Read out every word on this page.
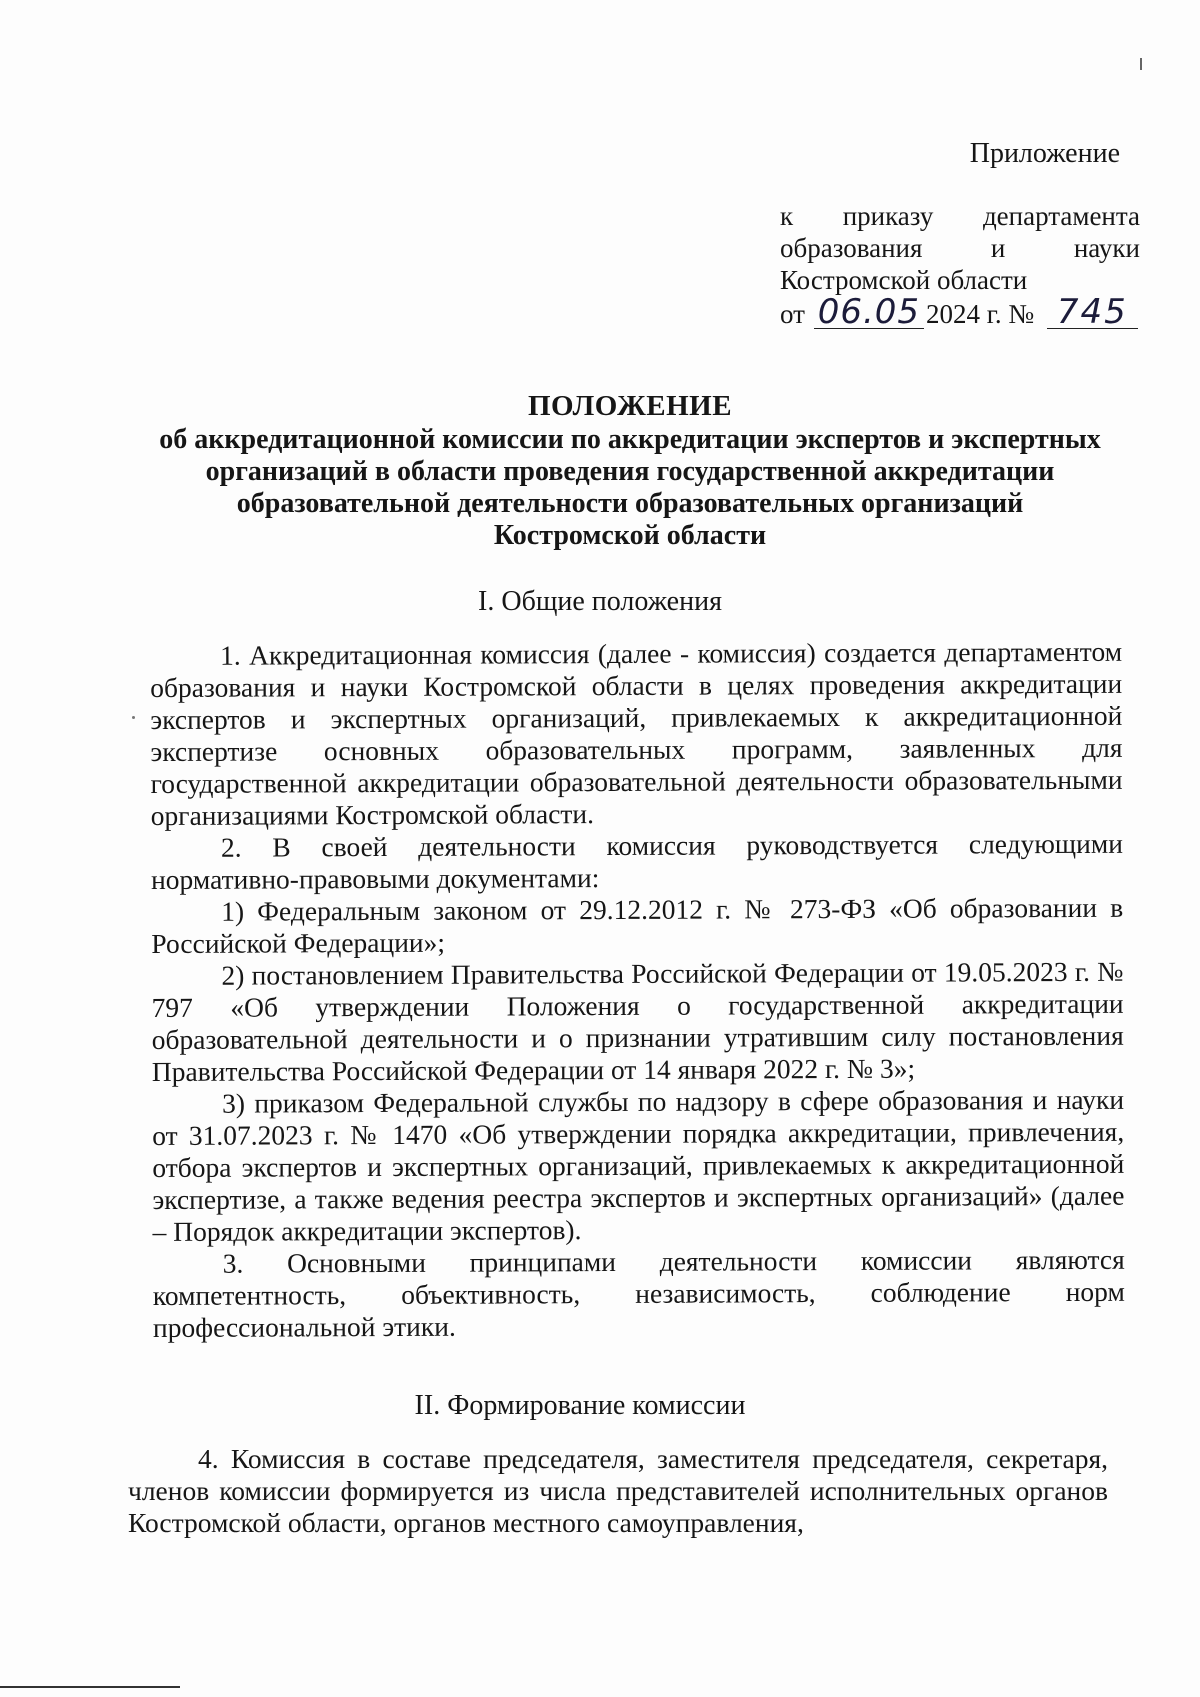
Приложение
к приказу департамента
образования и науки
Костромской области
от 06.05 2024 г. № 745
ПОЛОЖЕНИЕ
об аккредитационной комиссии по аккредитации экспертов и экспертных
организаций в области проведения государственной аккредитации
образовательной деятельности образовательных организаций
Костромской области
I. Общие положения

1. Аккредитационная комиссия (далее - комиссия) создается департаментом образования и науки Костромской области в целях проведения аккредитации экспертов и экспертных организаций, привлекаемых к аккредитационной экспертизе основных образовательных программ, заявленных для государственной аккредитации образовательной деятельности образовательными организациями Костромской области.

2. В своей деятельности комиссия руководствуется следующими нормативно-правовыми документами:

1) Федеральным законом от 29.12.2012 г. № 273-ФЗ «Об образовании в Российской Федерации»;

2) постановлением Правительства Российской Федерации от 19.05.2023 г. № 797 «Об утверждении Положения о государственной аккредитации образовательной деятельности и о признании утратившим силу постановления Правительства Российской Федерации от 14 января 2022 г. № 3»;

3) приказом Федеральной службы по надзору в сфере образования и науки от 31.07.2023 г. № 1470 «Об утверждении порядка аккредитации, привлечения, отбора экспертов и экспертных организаций, привлекаемых к аккредитационной экспертизе, а также ведения реестра экспертов и экспертных организаций» (далее – Порядок аккредитации экспертов).

3. Основными принципами деятельности комиссии являются компетентность, объективность, независимость, соблюдение норм профессиональной этики.

II. Формирование комиссии

4. Комиссия в составе председателя, заместителя председателя, секретаря, членов комиссии формируется из числа представителей исполнительных органов Костромской области, органов местного самоуправления,
